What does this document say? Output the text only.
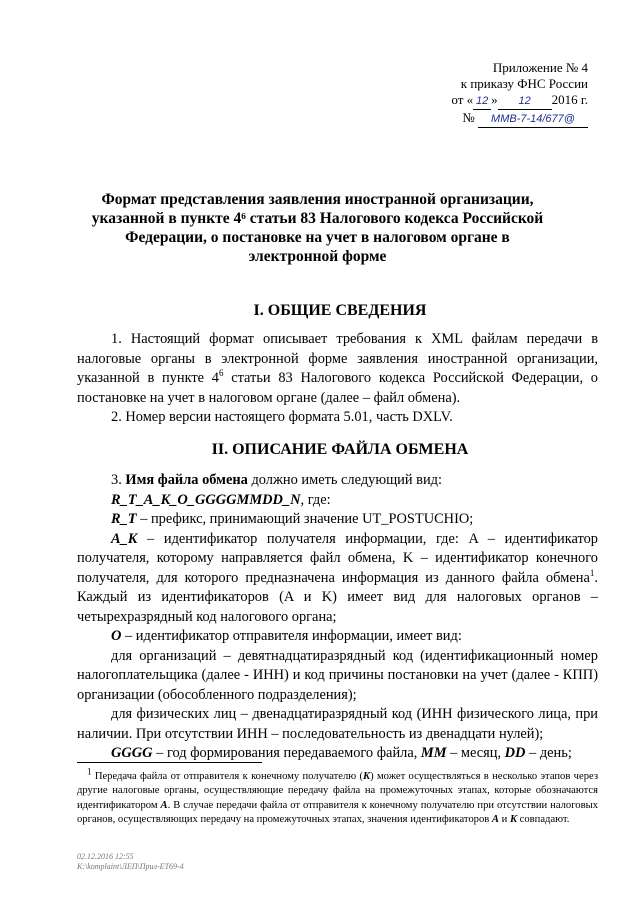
Приложение № 4
к приказу ФНС России
от « 12 » 12 2016 г.
№ ММВ-7-14/677@
Формат представления заявления иностранной организации, указанной в пункте 4⁶ статьи 83 Налогового кодекса Российской Федерации, о постановке на учет в налоговом органе в электронной форме
I. ОБЩИЕ СВЕДЕНИЯ

1. Настоящий формат описывает требования к XML файлам передачи в налоговые органы в электронной форме заявления иностранной организации, указанной в пункте $4^6$ статьи 83 Налогового кодекса Российской Федерации, о постановке на учет в налоговом органе (далее – файл обмена).

2. Номер версии настоящего формата 5.01, часть DXLV.

II. ОПИСАНИЕ ФАЙЛА ОБМЕНА

3. Имя файла обмена должно иметь следующий вид:

R_T_A_K_O_GGGGMMDD_N, где:

R_T – префикс, принимающий значение UT_POSTUCHIO;

A_K – идентификатор получателя информации, где: A – идентификатор получателя, которому направляется файл обмена, K – идентификатор конечного получателя, для которого предназначена информация из данного файла обмена$^1$. Каждый из идентификаторов (A и K) имеет вид для налоговых органов – четырехразрядный код налогового органа;

O – идентификатор отправителя информации, имеет вид:

для организаций – девятнадцатиразрядный код (идентификационный номер налогоплательщика (далее - ИНН) и код причины постановки на учет (далее - КПП) организации (обособленного подразделения);

для физических лиц – двенадцатиразрядный код (ИНН физического лица, при наличии. При отсутствии ИНН – последовательность из двенадцати нулей);

GGGG – год формирования передаваемого файла, MM – месяц, DD – день;

$^1$ Передача файла от отправителя к конечному получателю (K) может осуществляться в несколько этапов через другие налоговые органы, осуществляющие передачу файла на промежуточных этапах, которые обозначаются идентификатором A. В случае передачи файла от отправителя к конечному получателю при отсутствии налоговых органов, осуществляющих передачу на промежуточных этапах, значения идентификаторов A и K совпадают.

02.12.2016 12:55
K:\komplaint\ЛЕП\Прил-ЕТ69-4
